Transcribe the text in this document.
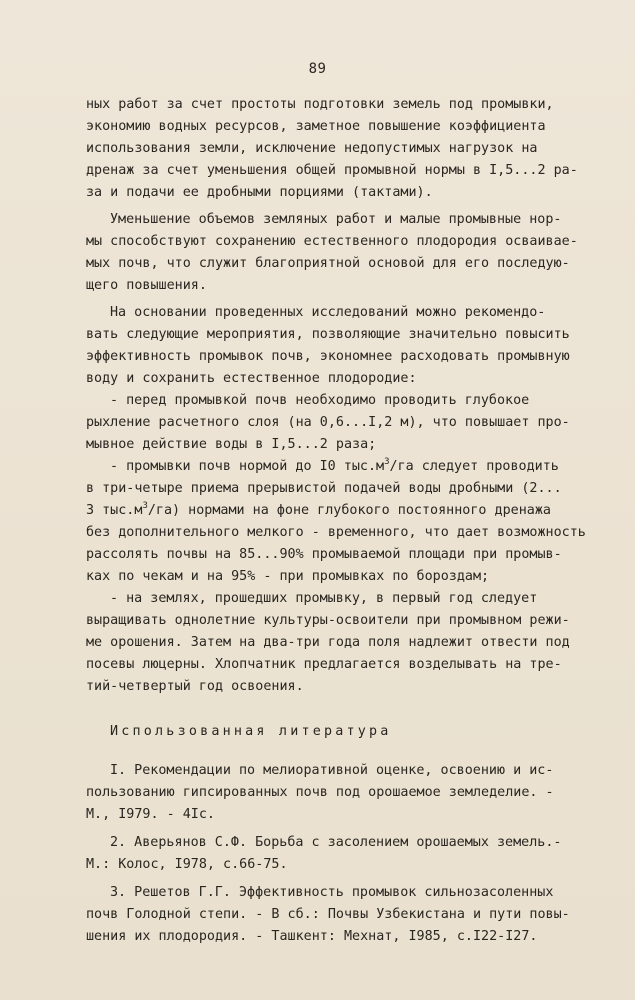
89
ных работ за счет простоты подготовки земель под промывки,
экономию водных ресурсов, заметное повышение коэффициента
использования земли, исключение недопустимых нагрузок на
дренаж за счет уменьшения общей промывной нормы в I,5...2 ра-
за и подачи ее дробными порциями (тактами).
Уменьшение объемов земляных работ и малые промывные нор-
мы способствуют сохранению естественного плодородия осваивае-
мых почв, что служит благоприятной основой для его последую-
щего повышения.
На основании проведенных исследований можно рекомендо-
вать следующие мероприятия, позволяющие значительно повысить
эффективность промывок почв, экономнее расходовать промывную
воду и сохранить естественное плодородие:
- перед промывкой почв необходимо проводить глубокое
рыхление расчетного слоя (на 0,6...I,2 м), что повышает про-
мывное действие воды в I,5...2 раза;
- промывки почв нормой до I0 $тыс.м^3/га$ следует проводить
в три-четыре приема прерывистой подачей воды дробными (2...
3 $тыс.м^3/га$) нормами на фоне глубокого постоянного дренажа
без дополнительного мелкого - временного, что дает возможность
рассолять почвы на 85...90% промываемой площади при промыв-
ках по чекам и на 95% - при промывках по бороздам;
- на землях, прошедших промывку, в первый год следует
выращивать однолетние культуры-освоители при промывном режи-
ме орошения. Затем на два-три года поля надлежит отвести под
посевы люцерны. Хлопчатник предлагается возделывать на тре-
тий-четвертый год освоения.
Использованная литература
I. Рекомендации по мелиоративной оценке, освоению и ис-
пользованию гипсированных почв под орошаемое земледелие. -
М., I979. - 4Iс.
2. Аверьянов С.Ф. Борьба с засолением орошаемых земель.-
М.: Колос, I978, с.66-75.
3. Решетов Г.Г. Эффективность промывок сильнозасоленных
почв Голодной степи. - В сб.: Почвы Узбекистана и пути повы-
шения их плодородия. - Ташкент: Мехнат, I985, с.I22-I27.
